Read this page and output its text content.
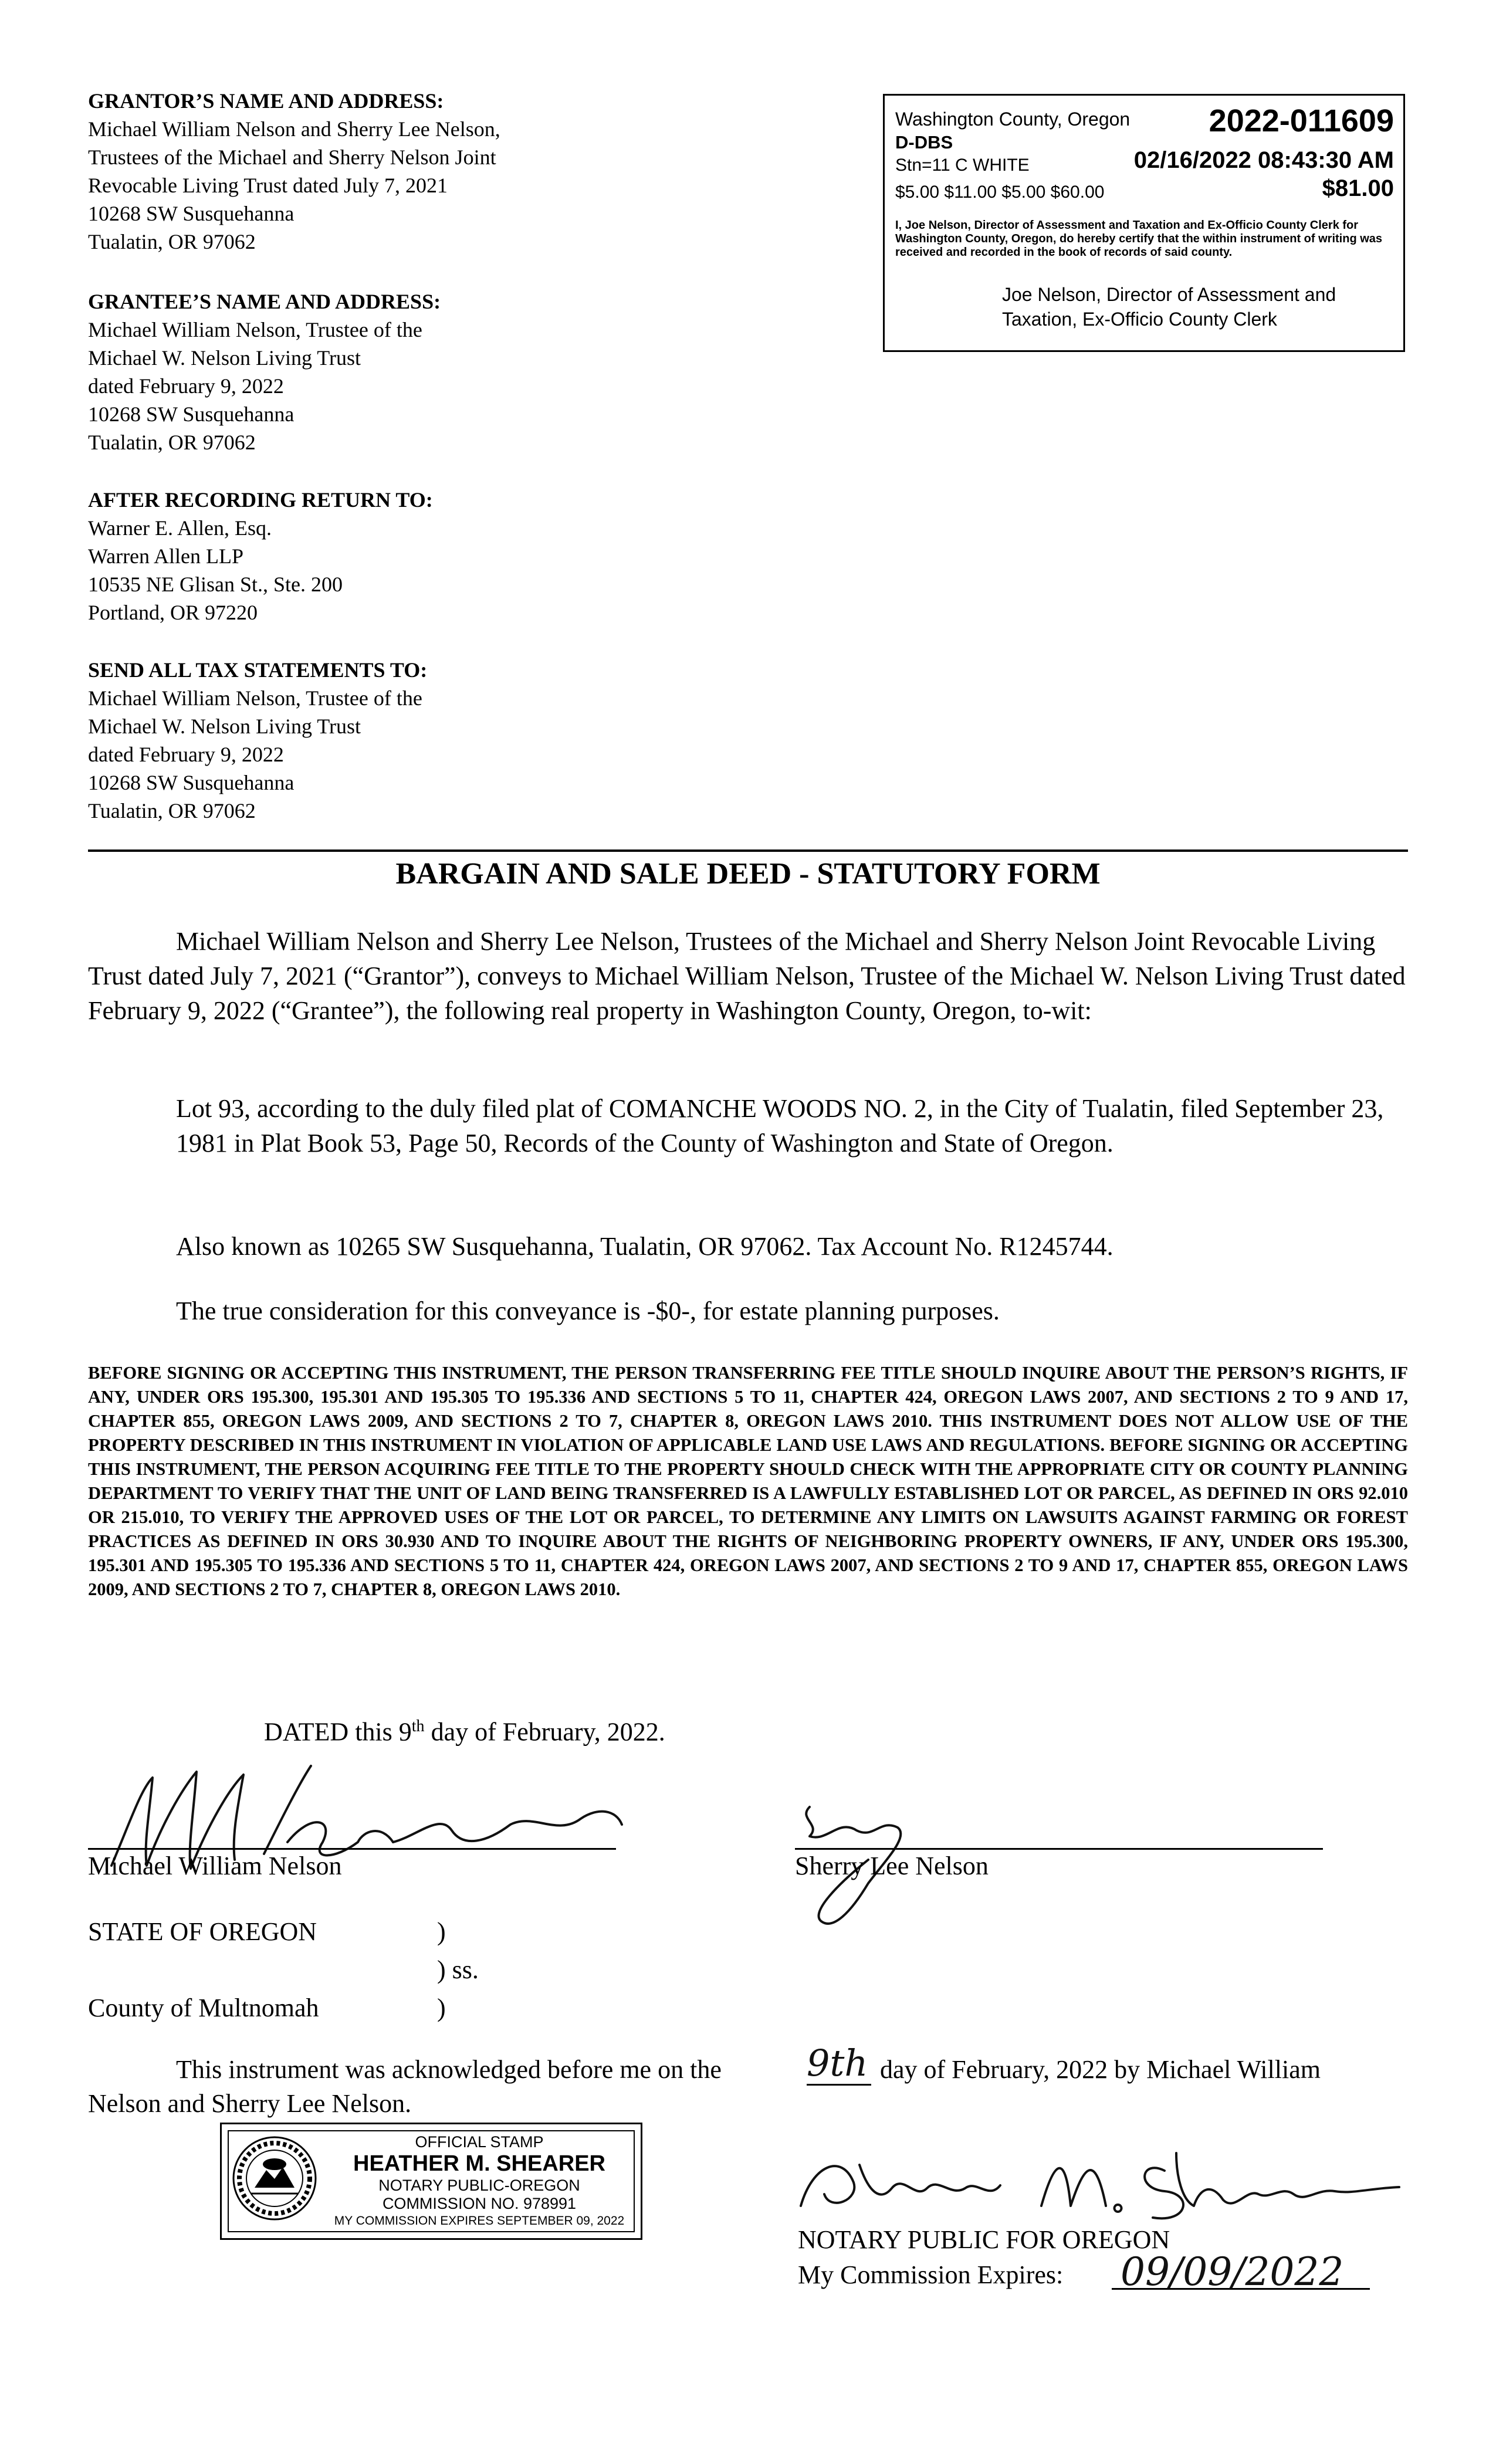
GRANTOR’S NAME AND ADDRESS:
Michael William Nelson and Sherry Lee Nelson,
Trustees of the Michael and Sherry Nelson Joint
Revocable Living Trust dated July 7, 2021
10268 SW Susquehanna
Tualatin, OR 97062
GRANTEE’S NAME AND ADDRESS:
Michael William Nelson, Trustee of the
Michael W. Nelson Living Trust
dated February 9, 2022
10268 SW Susquehanna
Tualatin, OR 97062
AFTER RECORDING RETURN TO:
Warner E. Allen, Esq.
Warren Allen LLP
10535 NE Glisan St., Ste. 200
Portland, OR 97220
SEND ALL TAX STATEMENTS TO:
Michael William Nelson, Trustee of the
Michael W. Nelson Living Trust
dated February 9, 2022
10268 SW Susquehanna
Tualatin, OR 97062
Washington County, Oregon 2022-011609
D-DBS
Stn=11 C WHITE	02/16/2022 08:43:30 AM
$5.00 $11.00 $5.00 $60.00	$81.00
I, Joe Nelson, Director of Assessment and Taxation and Ex-Officio County Clerk for Washington County, Oregon, do hereby certify that the within instrument of writing was received and recorded in the book of records of said county.
Joe Nelson, Director of Assessment and
Taxation, Ex-Officio County Clerk
BARGAIN AND SALE DEED - STATUTORY FORM
Michael William Nelson and Sherry Lee Nelson, Trustees of the Michael and Sherry Nelson Joint Revocable Living Trust dated July 7, 2021 (“Grantor”), conveys to Michael William Nelson, Trustee of the Michael W. Nelson Living Trust dated February 9, 2022 (“Grantee”), the following real property in Washington County, Oregon, to-wit:
Lot 93, according to the duly filed plat of COMANCHE WOODS NO. 2, in the City of Tualatin, filed September 23, 1981 in Plat Book 53, Page 50, Records of the County of Washington and State of Oregon.
Also known as 10265 SW Susquehanna, Tualatin, OR 97062. Tax Account No. R1245744.
The true consideration for this conveyance is -$0-, for estate planning purposes.
BEFORE SIGNING OR ACCEPTING THIS INSTRUMENT, THE PERSON TRANSFERRING FEE TITLE SHOULD INQUIRE ABOUT THE PERSON’S RIGHTS, IF ANY, UNDER ORS 195.300, 195.301 AND 195.305 TO 195.336 AND SECTIONS 5 TO 11, CHAPTER 424, OREGON LAWS 2007, AND SECTIONS 2 TO 9 AND 17, CHAPTER 855, OREGON LAWS 2009, AND SECTIONS 2 TO 7, CHAPTER 8, OREGON LAWS 2010. THIS INSTRUMENT DOES NOT ALLOW USE OF THE PROPERTY DESCRIBED IN THIS INSTRUMENT IN VIOLATION OF APPLICABLE LAND USE LAWS AND REGULATIONS. BEFORE SIGNING OR ACCEPTING THIS INSTRUMENT, THE PERSON ACQUIRING FEE TITLE TO THE PROPERTY SHOULD CHECK WITH THE APPROPRIATE CITY OR COUNTY PLANNING DEPARTMENT TO VERIFY THAT THE UNIT OF LAND BEING TRANSFERRED IS A LAWFULLY ESTABLISHED LOT OR PARCEL, AS DEFINED IN ORS 92.010 OR 215.010, TO VERIFY THE APPROVED USES OF THE LOT OR PARCEL, TO DETERMINE ANY LIMITS ON LAWSUITS AGAINST FARMING OR FOREST PRACTICES AS DEFINED IN ORS 30.930 AND TO INQUIRE ABOUT THE RIGHTS OF NEIGHBORING PROPERTY OWNERS, IF ANY, UNDER ORS 195.300, 195.301 AND 195.305 TO 195.336 AND SECTIONS 5 TO 11, CHAPTER 424, OREGON LAWS 2007, AND SECTIONS 2 TO 9 AND 17, CHAPTER 855, OREGON LAWS 2009, AND SECTIONS 2 TO 7, CHAPTER 8, OREGON LAWS 2010.
DATED this 9th day of February, 2022.
Michael William Nelson	Sherry Lee Nelson
STATE OF OREGON
County of Multnomah
)
) ss.
)
This instrument was acknowledged before me on the 9th day of February, 2022 by Michael William
Nelson and Sherry Lee Nelson.
OFFICIAL STAMP
HEATHER M. SHEARER
NOTARY PUBLIC-OREGON
COMMISSION NO. 978991
MY COMMISSION EXPIRES SEPTEMBER 09, 2022
NOTARY PUBLIC FOR OREGON
My Commission Expires: 09/09/2022
